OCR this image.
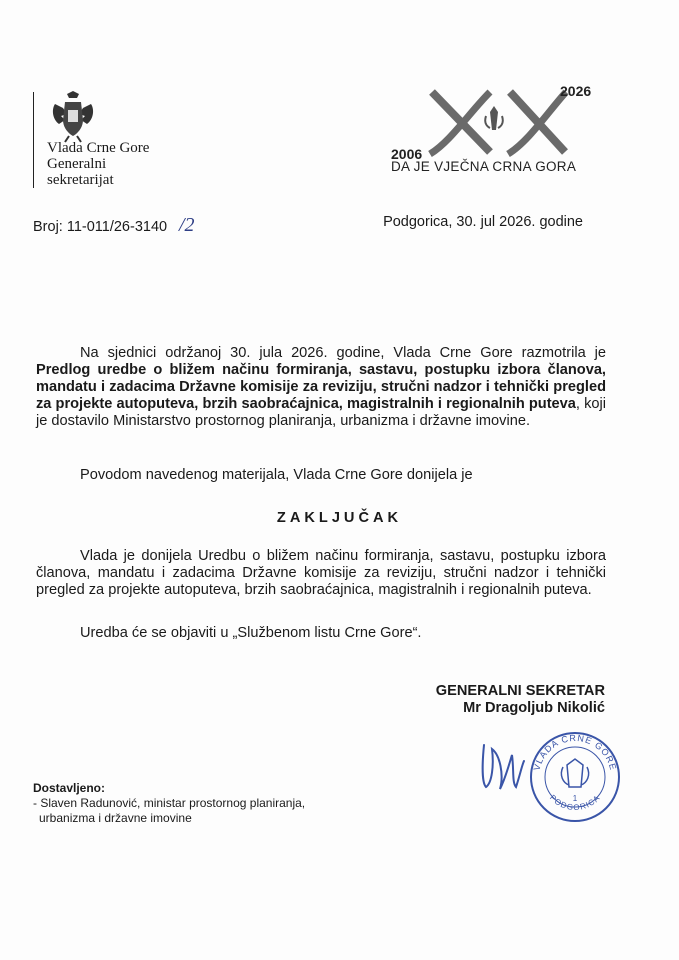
Vlada Crne Gore
Generalni
sekretarijat
2006
2026
DA JE VJEČNA CRNA GORA
Broj: 11-011/26-3140 /2	Podgorica, 30. jul 2026. godine
Na sjednici održanoj 30. jula 2026. godine, Vlada Crne Gore razmotrila je Predlog uredbe o bližem načinu formiranja, sastavu, postupku izbora članova, mandatu i zadacima Državne komisije za reviziju, stručni nadzor i tehnički pregled za projekte autoputeva, brzih saobraćajnica, magistralnih i regionalnih puteva, koji je dostavilo Ministarstvo prostornog planiranja, urbanizma i državne imovine.
Povodom navedenog materijala, Vlada Crne Gore donijela je
ZAKLJUČAK
Vlada je donijela Uredbu o bližem načinu formiranja, sastavu, postupku izbora članova, mandatu i zadacima Državne komisije za reviziju, stručni nadzor i tehnički pregled za projekte autoputeva, brzih saobraćajnica, magistralnih i regionalnih puteva.
Uredba će se objaviti u „Službenom listu Crne Gore“.
GENERALNI SEKRETAR
Mr Dragoljub Nikolić
VLADA CRNE GORE
PODGORICA
1
Dostavljeno:
- Slaven Radunović, ministar prostornog planiranja,
urbanizma i državne imovine
